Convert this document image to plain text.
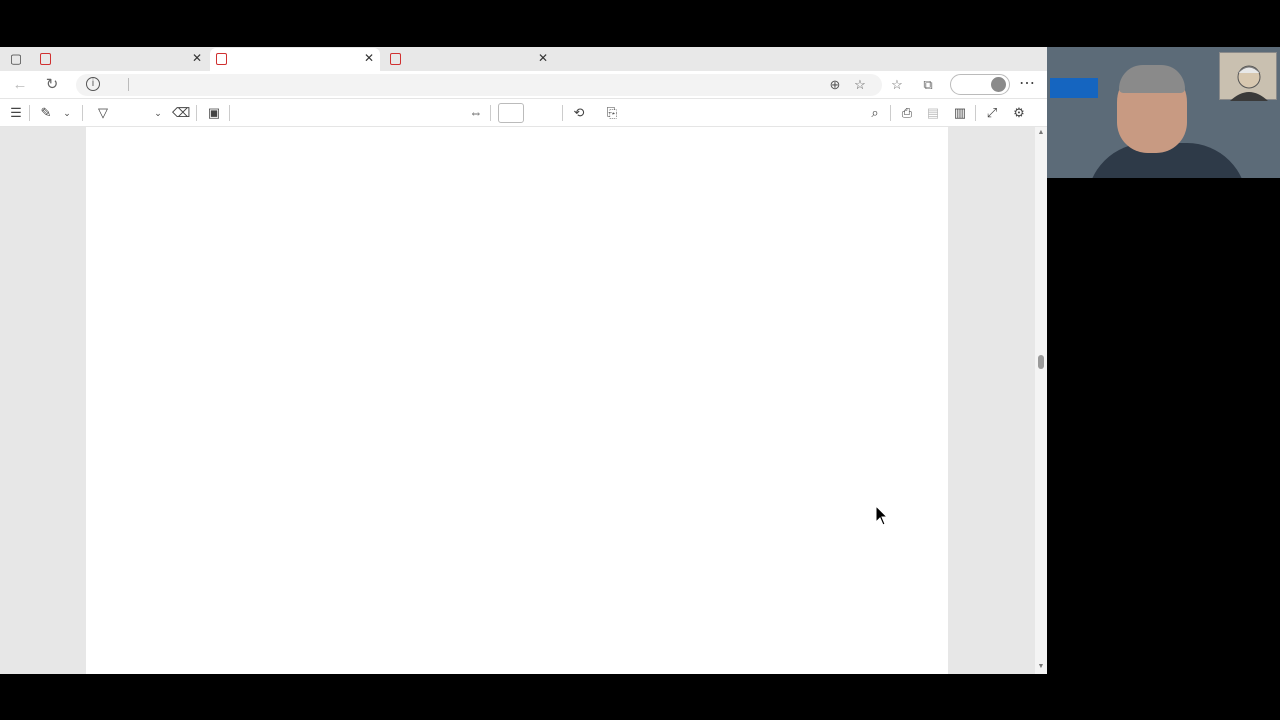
▢	✕	✕	✕
← ↻	i	⊕ ☆	☆	⧉	⋯
☰ ✎	⌄	▽	⌄ ⌫ ▣	⇔	⟲ ⎘	⌕	⎙ ▤ ▥ ⤢ ⚙

▲
▼
